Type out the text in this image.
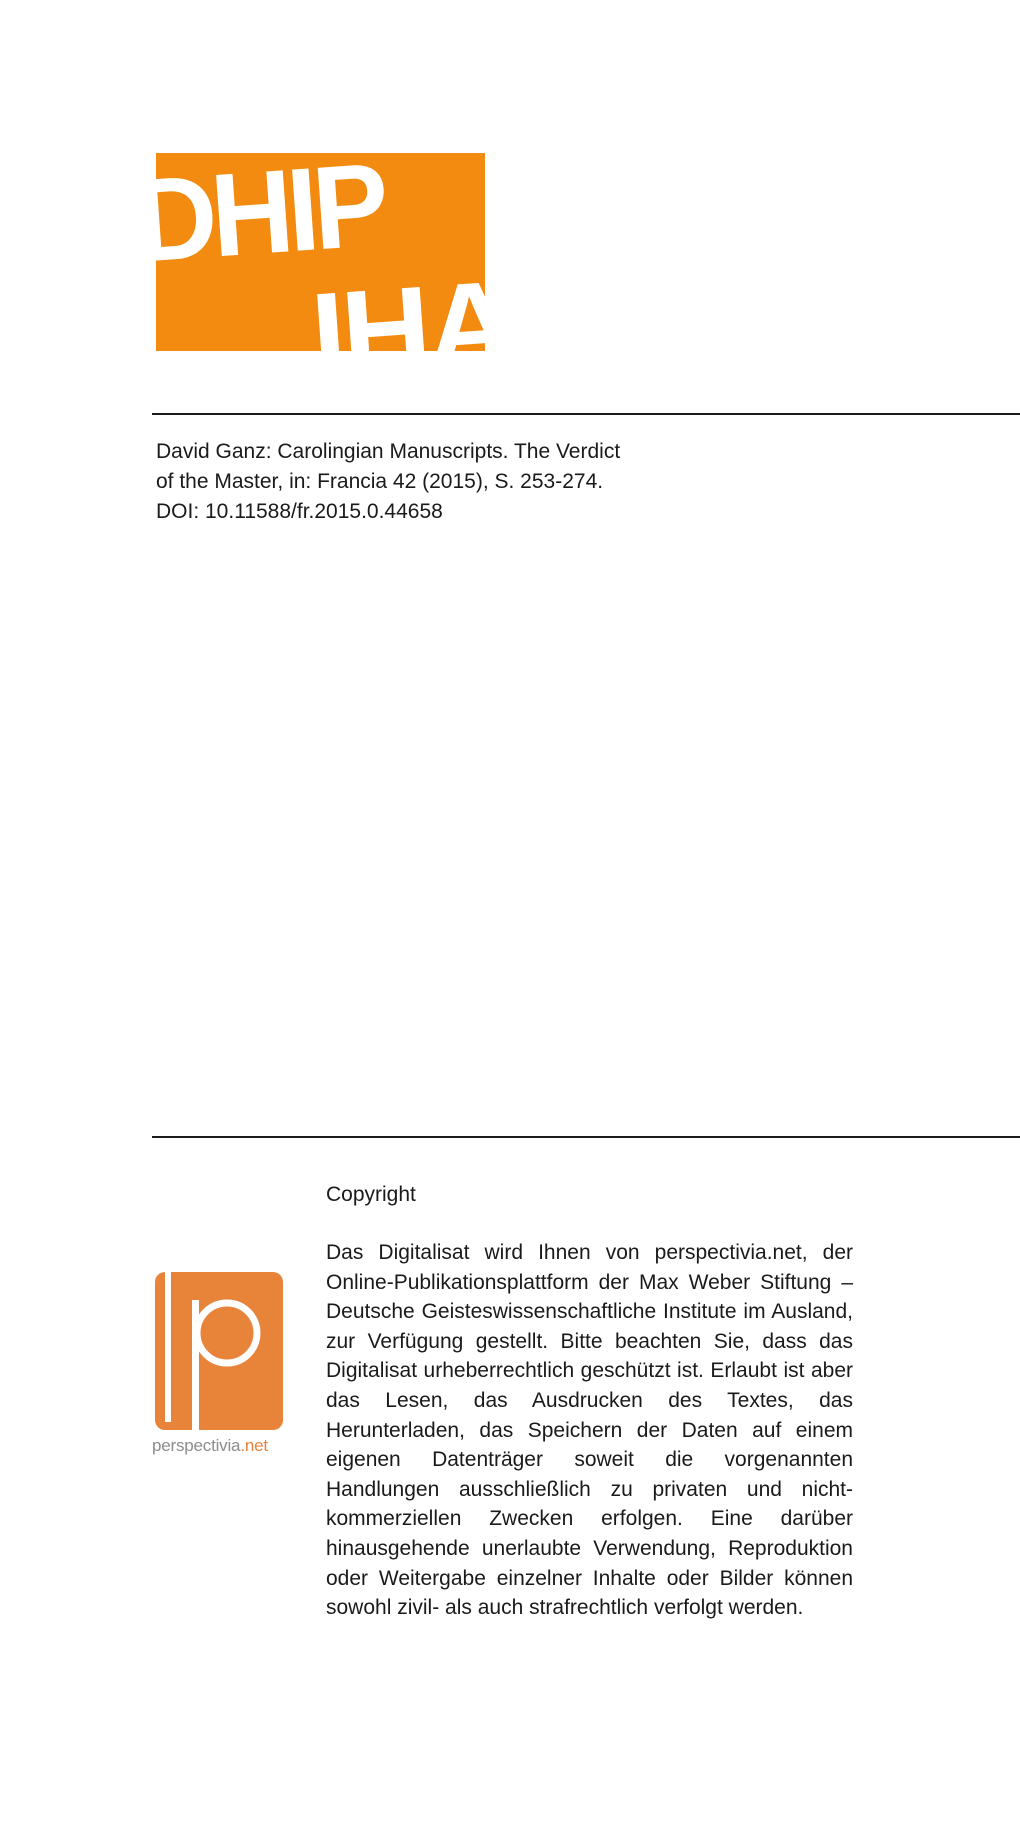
DHIP
IHA
David Ganz: Carolingian Manuscripts. The Verdict
of the Master, in: Francia 42 (2015), S. 253-274.
DOI: 10.11588/fr.2015.0.44658
perspectivia.net
Copyright
Das Digitalisat wird Ihnen von perspectivia.net, der Online-Publikationsplattform der Max Weber Stiftung – Deutsche Geisteswissenschaftliche Institute im Ausland, zur Verfügung gestellt. Bitte beachten Sie, dass das Digitalisat urheberrechtlich geschützt ist. Erlaubt ist aber das Lesen, das Ausdrucken des Textes, das Herunterladen, das Speichern der Daten auf einem eigenen Datenträger soweit die vorgenannten Handlungen ausschließlich zu privaten und nicht-kommerziellen Zwecken erfolgen. Eine darüber hinausgehende unerlaubte Verwendung, Reproduktion oder Weitergabe einzelner Inhalte oder Bilder können sowohl zivil- als auch strafrechtlich verfolgt werden.
